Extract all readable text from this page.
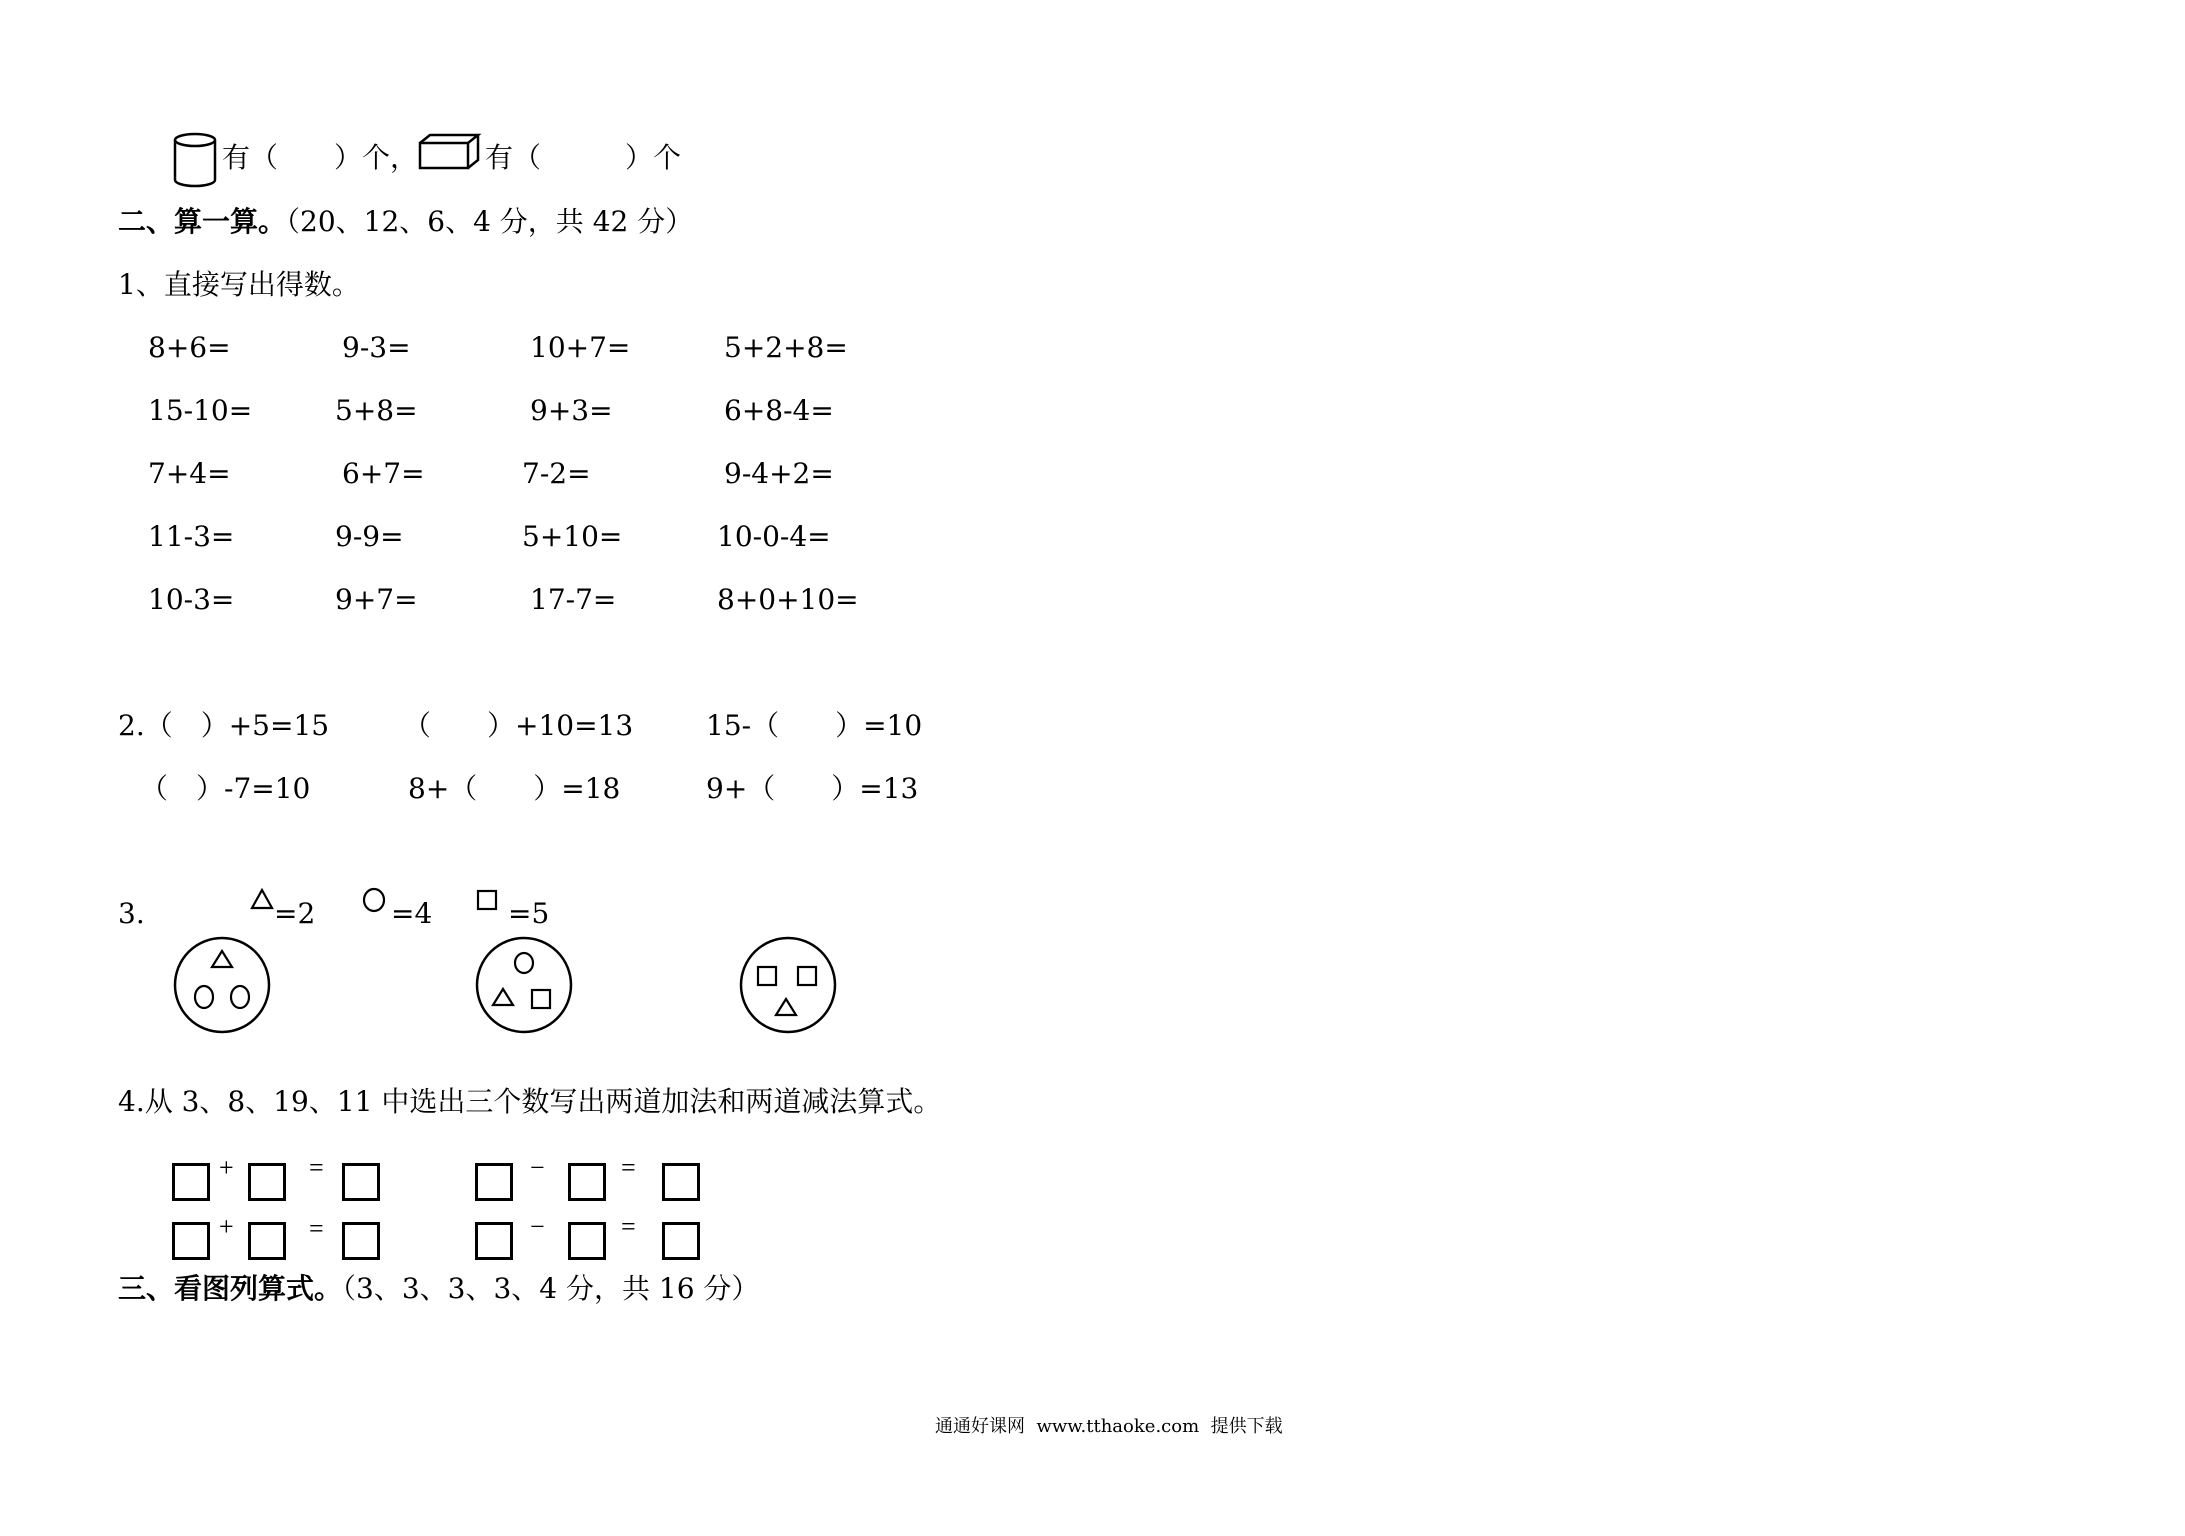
有（　　）个， 有（　　　）个
二、算一算。（20、12、6、4 分，共 42 分）
1、直接写出得数。
8+6=	9-3=	10+7=	5+2+8=
15-10=	5+8=	9+3=	6+8-4=
7+4=	6+7=	7-2=	9-4+2=
11-3=	9-9=	5+10=	10-0-4=
10-3=	9+7=	17-7=	8+0+10=
2.（　）+5=15	（　　）+10=13	15-（　　）=10
（　）-7=10	8+（　　）=18	9+（　　）=13
3.	=2	=4	=5
4.从 3、8、19、11 中选出三个数写出两道加法和两道减法算式。
+	=	−	=
+	=	−	=
三、看图列算式。（3、3、3、3、4 分，共 16 分）
通通好课网  www.tthaoke.com  提供下载
